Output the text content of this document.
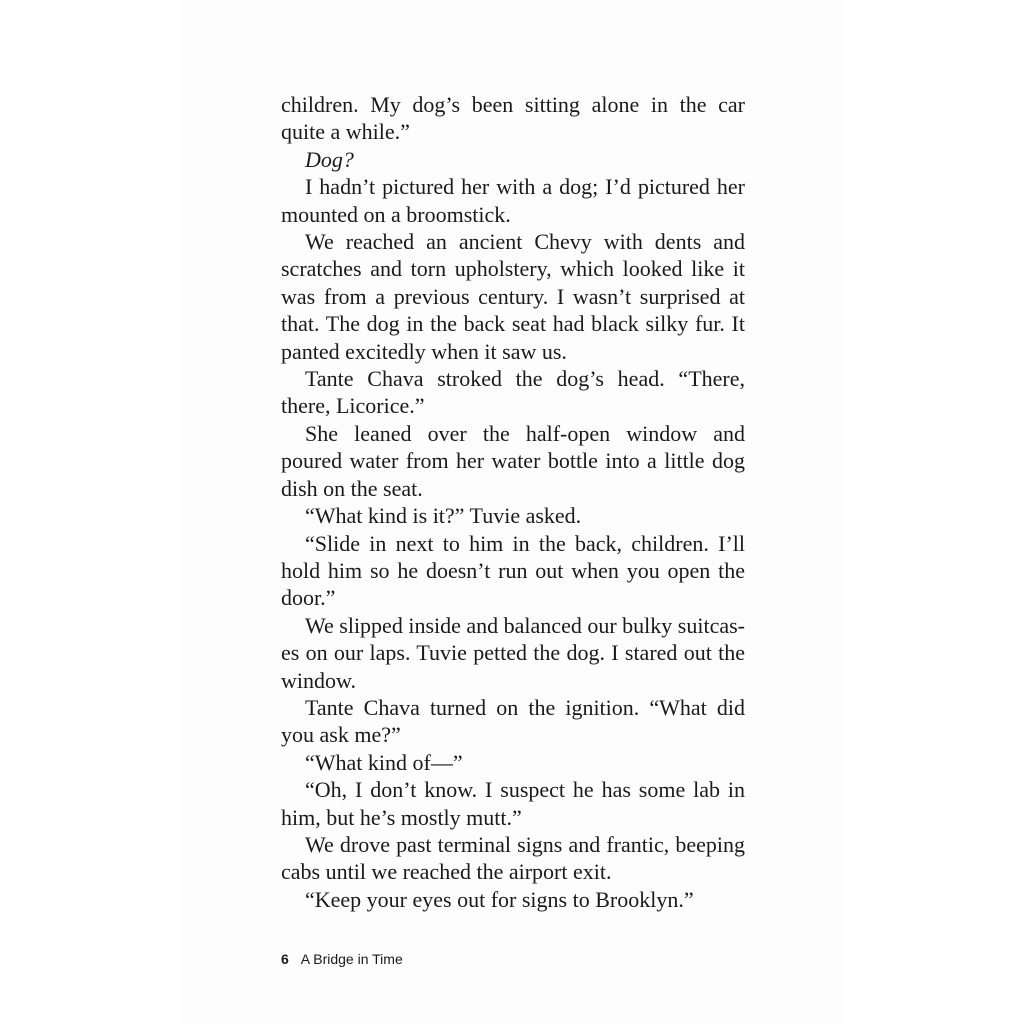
children. My dog’s been sitting alone in the car quite a while.”

Dog?

I hadn’t pictured her with a dog; I’d pictured her mounted on a broomstick.

We reached an ancient Chevy with dents and scratches and torn upholstery, which looked like it was from a previous century. I wasn’t surprised at that. The dog in the back seat had black silky fur. It panted excitedly when it saw us.

Tante Chava stroked the dog’s head. “There, there, Licorice.”

She leaned over the half-open window and poured water from her water bottle into a little dog dish on the seat.

“What kind is it?” Tuvie asked.

“Slide in next to him in the back, children. I’ll hold him so he doesn’t run out when you open the door.”

We slipped inside and balanced our bulky suitcases on our laps. Tuvie petted the dog. I stared out the window.

Tante Chava turned on the ignition. “What did you ask me?”

“What kind of—”

“Oh, I don’t know. I suspect he has some lab in him, but he’s mostly mutt.”

We drove past terminal signs and frantic, beeping cabs until we reached the airport exit.

“Keep your eyes out for signs to Brooklyn.”

6 A Bridge in Time
